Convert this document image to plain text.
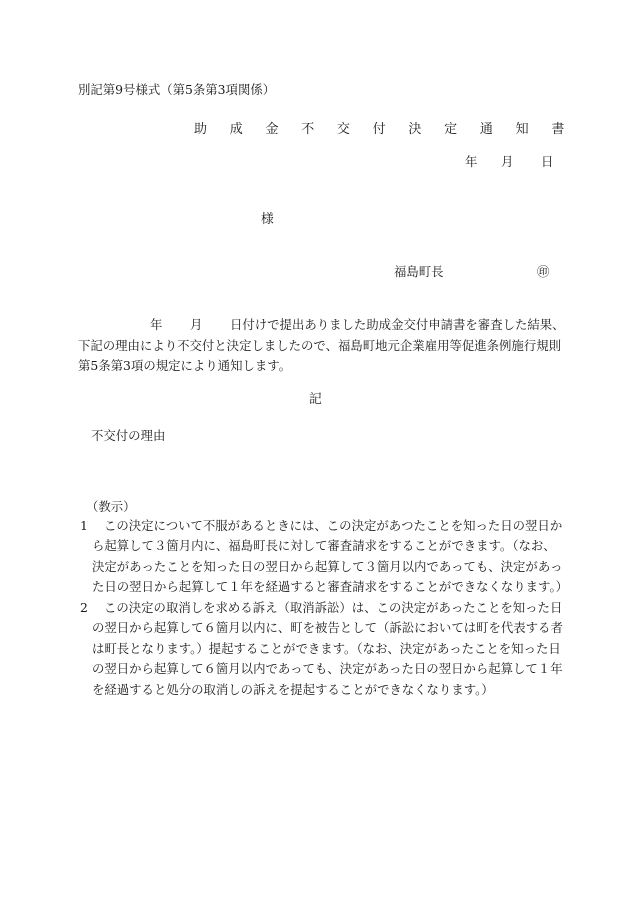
別記第9号様式（第5条第3項関係）
助 成 金 不 交 付 決 定 通 知 書
年 月 日
様
福島町長	㊞
年 月 日付けで提出ありました助成金交付申請書を審査した結果、
下記の理由により不交付と決定しましたので、福島町地元企業雇用等促進条例施行規則第5条第3項の規定により通知します。
記
不交付の理由
（教示）
1	この決定について不服があるときには、この決定があつたことを知った日の翌日から起算して３箇月内に、福島町長に対して審査請求をすることができます。（なお、決定があったことを知った日の翌日から起算して３箇月以内であっても、決定があった日の翌日から起算して１年を経過すると審査請求をすることができなくなります。）
2	この決定の取消しを求める訴え（取消訴訟）は、この決定があったことを知った日の翌日から起算して６箇月以内に、町を被告として（訴訟においては町を代表する者は町長となります。）提起することができます。（なお、決定があったことを知った日の翌日から起算して６箇月以内であっても、決定があった日の翌日から起算して１年を経過すると処分の取消しの訴えを提起することができなくなります。）
